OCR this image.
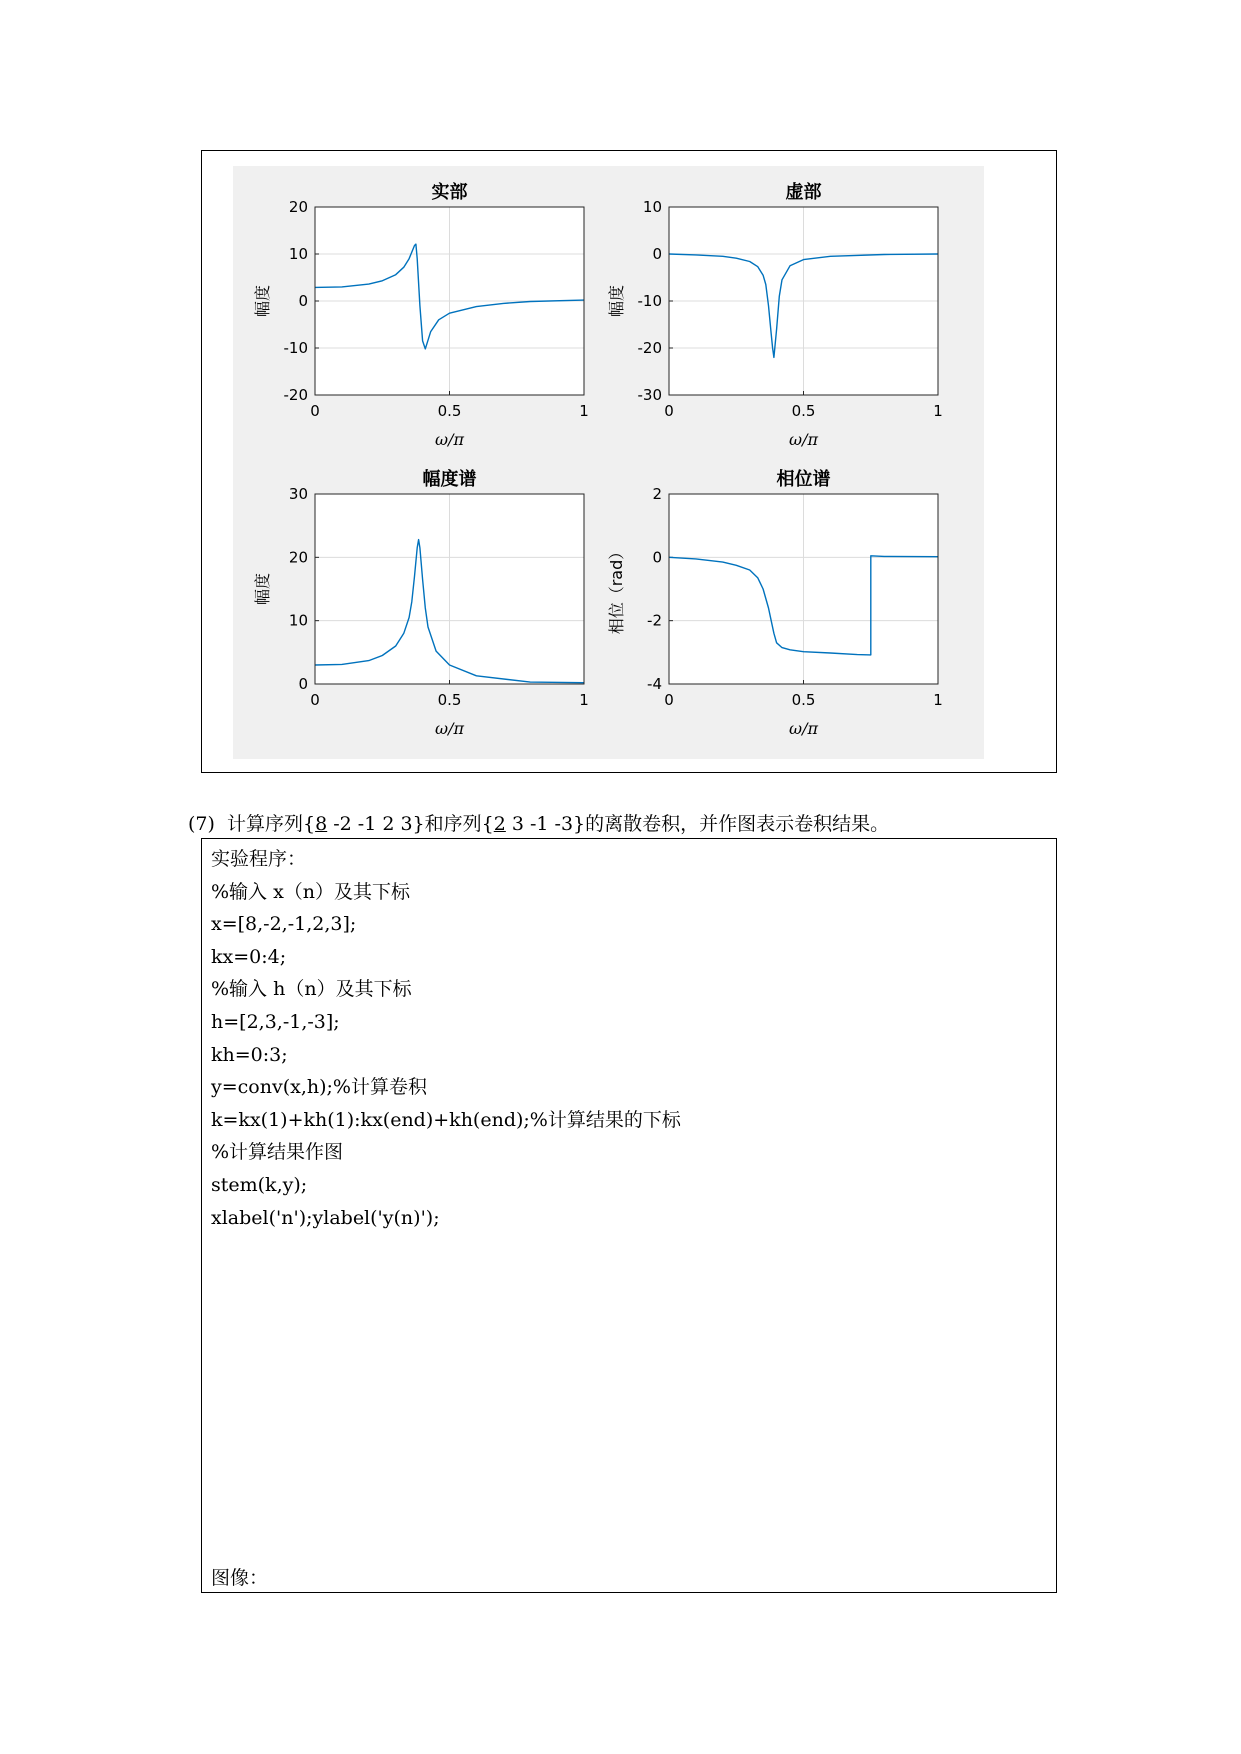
20
10
0
-10
-20
0	0.5	1
实部
ω/π
幅度
10
0
-10
-20
-30
0	0.5	1
虚部
ω/π
幅度
30
20
10
0
0	0.5	1
幅度谱
ω/π
幅度
2
0
-2
-4
0	0.5	1
相位谱
ω/π
相位（rad）
(7) 计算序列{8 -2 -1 2 3}和序列{2 3 -1 -3}的离散卷积，并作图表示卷积结果。
实验程序：
%输入 x（n）及其下标
x=[8,-2,-1,2,3];
kx=0:4;
%输入 h（n）及其下标
h=[2,3,-1,-3];
kh=0:3;
y=conv(x,h);%计算卷积
k=kx(1)+kh(1):kx(end)+kh(end);%计算结果的下标
%计算结果作图
stem(k,y);
xlabel('n');ylabel('y(n)');
图像：
